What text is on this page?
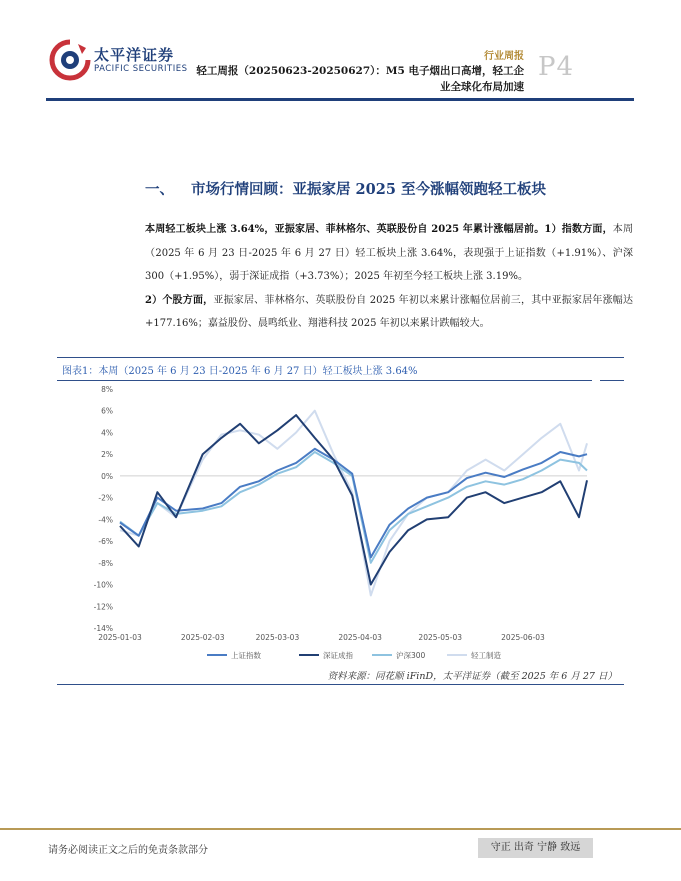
太平洋证券
PACIFIC SECURITIES
行业周报 P4
轻工周报（20250623-20250627）：M5 电子烟出口高增，轻工企业全球化布局加速
一、 市场行情回顾：亚振家居 2025 至今涨幅领跑轻工板块
本周轻工板块上涨 3.64%，亚振家居、菲林格尔、英联股份自 2025 年累计涨幅居前。1）指数方面，本周（2025 年 6 月 23 日-2025 年 6 月 27 日）轻工板块上涨 3.64%，表现强于上证指数（+1.91%）、沪深 300（+1.95%），弱于深证成指（+3.73%）；2025 年初至今轻工板块上涨 3.19%。
2）个股方面，亚振家居、菲林格尔、英联股份自 2025 年初以来累计涨幅位居前三，其中亚振家居年涨幅达+177.16%；嘉益股份、晨鸣纸业、翔港科技 2025 年初以来累计跌幅较大。
图表1：本周（2025 年 6 月 23 日-2025 年 6 月 27 日）轻工板块上涨 3.64%
8%
6%
4%
2%
0%
-2%
-4%
-6%
-8%
-10%
-12%
-14%
2025-01-03	2025-02-03	2025-03-03	2025-04-03	2025-05-03	2025-06-03
上证指数	深证成指	沪深300	轻工制造
资料来源：同花顺 iFinD，太平洋证券（截至 2025 年 6 月 27 日）
请务必阅读正文之后的免责条款部分	守正 出奇 宁静 致远
